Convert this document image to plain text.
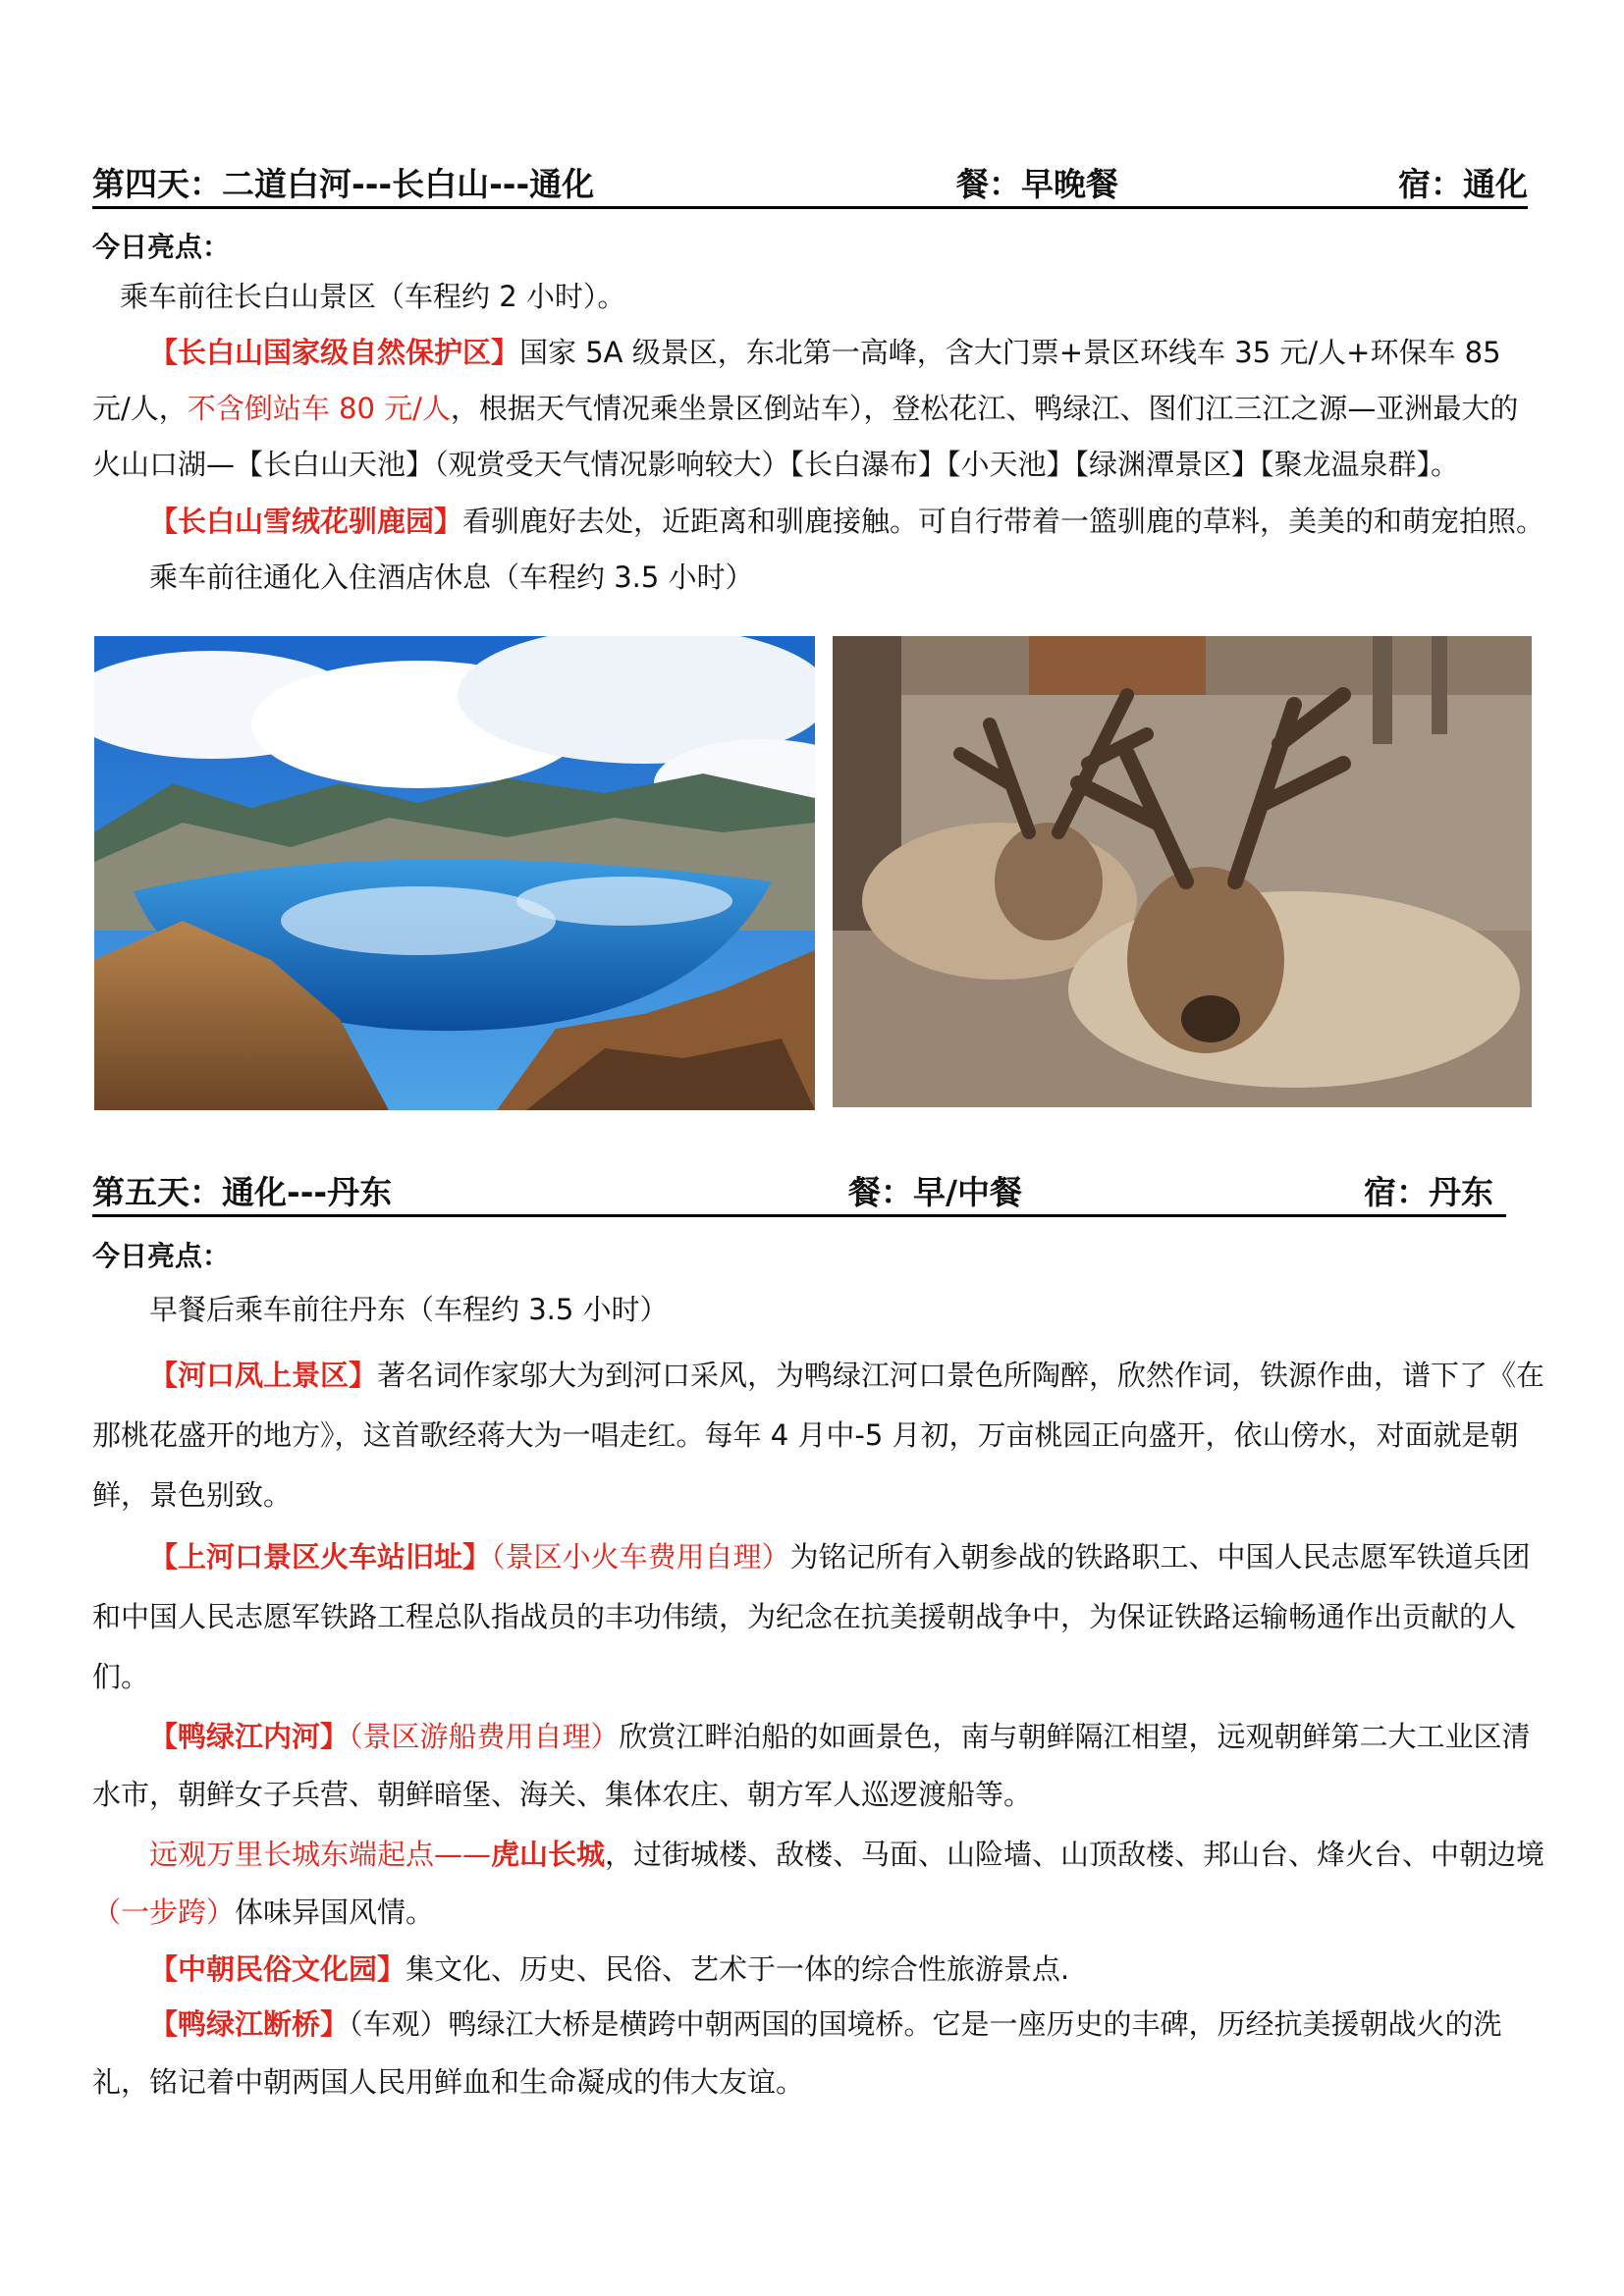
第四天：二道白河---长白山---通化	餐：早晚餐	宿：通化
今日亮点：

乘车前往长白山景区（车程约 2 小时）。

【长白山国家级自然保护区】国家 5A 级景区，东北第一高峰，含大门票+景区环线车 35 元/人+环保车 85 元/人，不含倒站车 80 元/人，根据天气情况乘坐景区倒站车），登松花江、鸭绿江、图们江三江之源—亚洲最大的火山口湖—【长白山天池】（观赏受天气情况影响较大）【长白瀑布】【小天池】【绿渊潭景区】【聚龙温泉群】。

【长白山雪绒花驯鹿园】看驯鹿好去处，近距离和驯鹿接触。可自行带着一篮驯鹿的草料，美美的和萌宠拍照。

乘车前往通化入住酒店休息（车程约 3.5 小时）

第五天：通化---丹东	餐：早/中餐	宿：丹东
今日亮点：

早餐后乘车前往丹东（车程约 3.5 小时）

【河口凤上景区】著名词作家邬大为到河口采风，为鸭绿江河口景色所陶醉，欣然作词，铁源作曲，谱下了《在那桃花盛开的地方》，这首歌经蒋大为一唱走红。每年 4 月中-5 月初，万亩桃园正向盛开，依山傍水，对面就是朝鲜，景色别致。

【上河口景区火车站旧址】（景区小火车费用自理）为铭记所有入朝参战的铁路职工、中国人民志愿军铁道兵团和中国人民志愿军铁路工程总队指战员的丰功伟绩，为纪念在抗美援朝战争中，为保证铁路运输畅通作出贡献的人们。

【鸭绿江内河】（景区游船费用自理）欣赏江畔泊船的如画景色，南与朝鲜隔江相望，远观朝鲜第二大工业区清水市，朝鲜女子兵营、朝鲜暗堡、海关、集体农庄、朝方军人巡逻渡船等。

远观万里长城东端起点——虎山长城，过街城楼、敌楼、马面、山险墙、山顶敌楼、邦山台、烽火台、中朝边境（一步跨）体味异国风情。

【中朝民俗文化园】集文化、历史、民俗、艺术于一体的综合性旅游景点.

【鸭绿江断桥】（车观）鸭绿江大桥是横跨中朝两国的国境桥。它是一座历史的丰碑，历经抗美援朝战火的洗礼，铭记着中朝两国人民用鲜血和生命凝成的伟大友谊。
